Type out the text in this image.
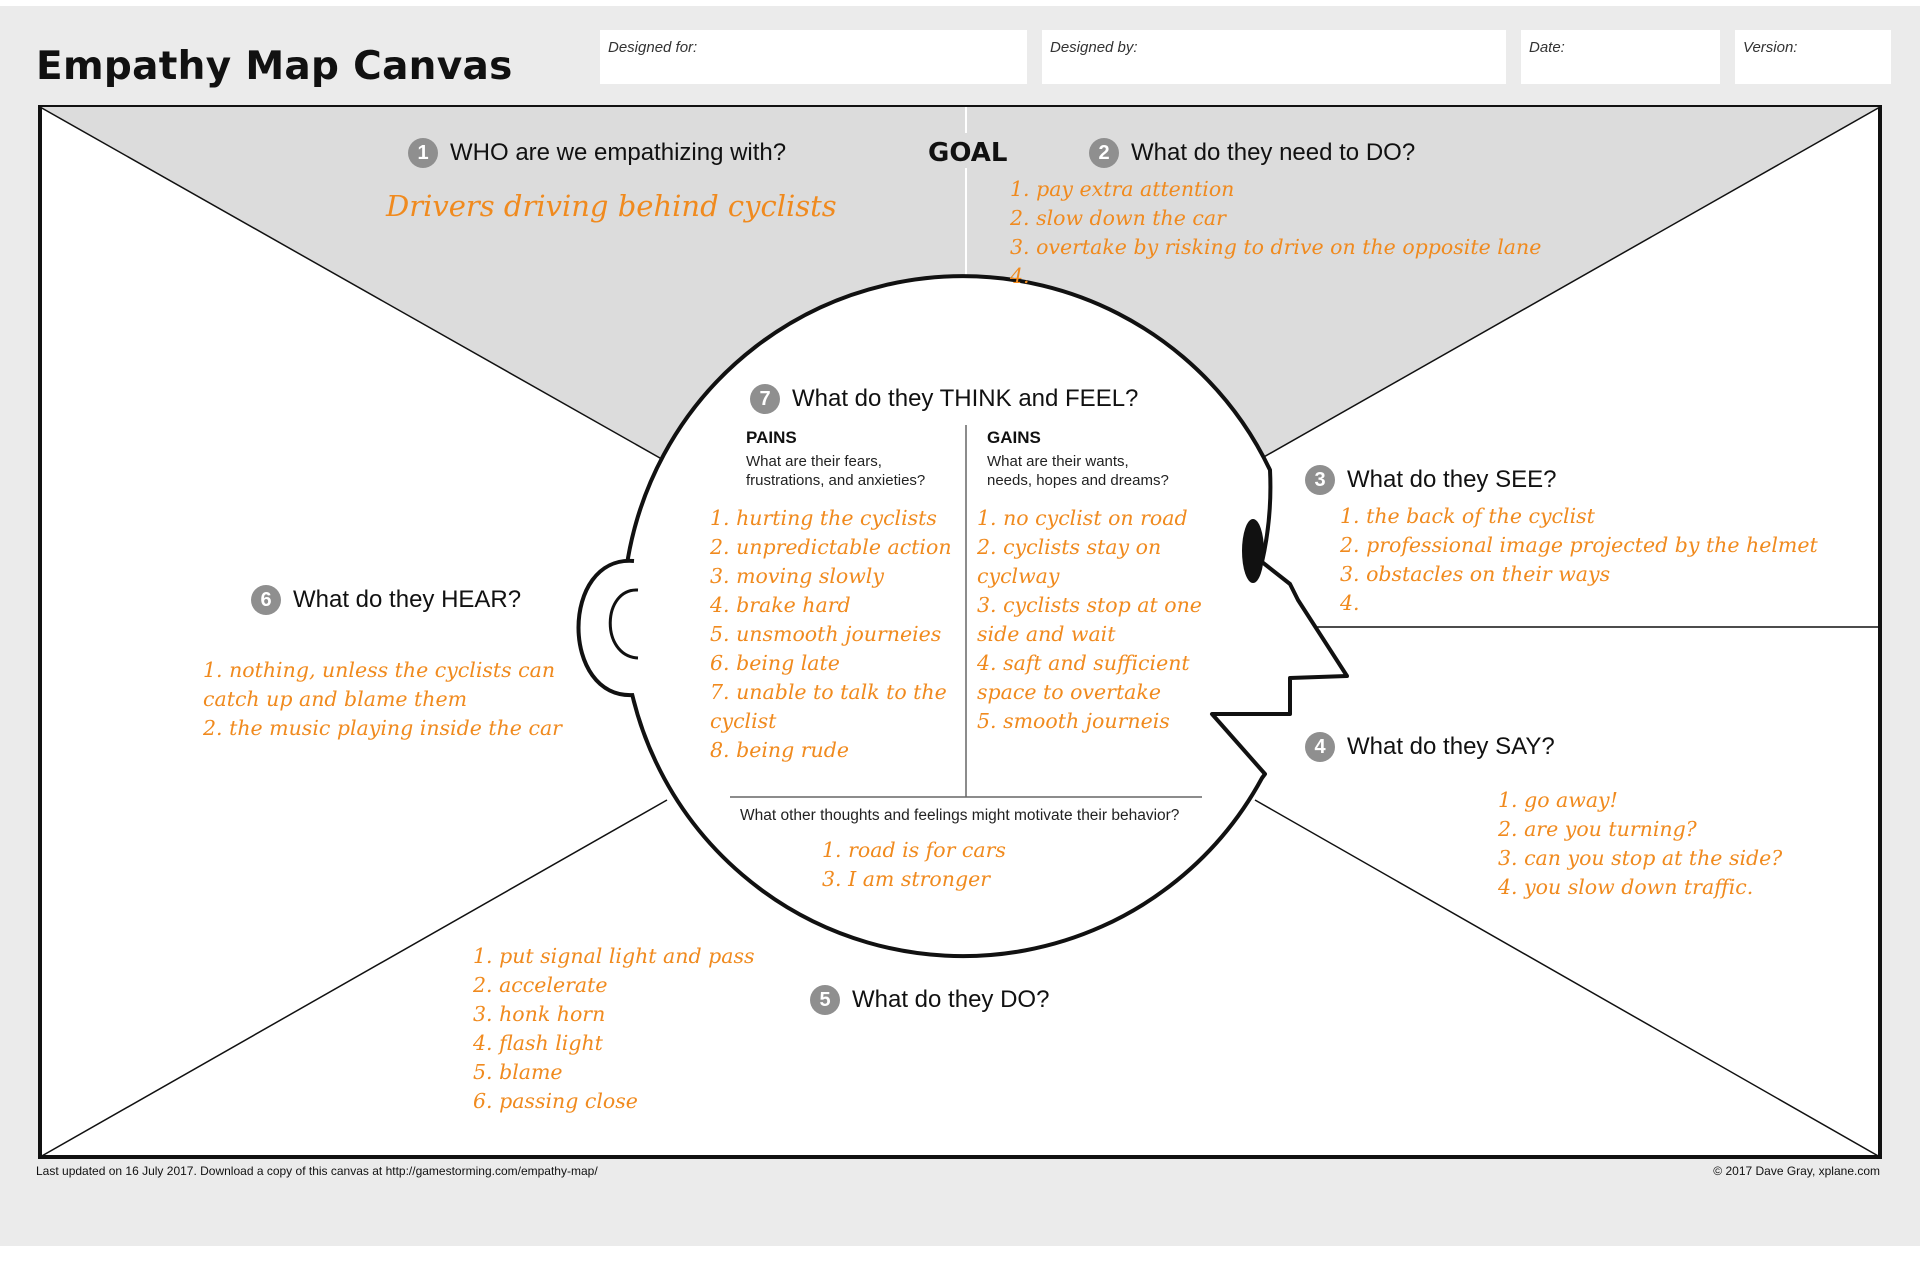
Empathy Map Canvas	Designed for:	Designed by:	Date:	Version:
GOAL
1 WHO are we empathizing with?
Drivers driving behind cyclists
2 What do they need to DO?
1. pay extra attention
2. slow down the car
3. overtake by risking to drive on the opposite lane
4.
7 What do they THINK and FEEL?
PAINS
What are their fears,
frustrations, and anxieties?
GAINS
What are their wants,
needs, hopes and dreams?
1. hurting the cyclists
2. unpredictable action
3. moving slowly
4. brake hard
5. unsmooth journeies
6. being late
7. unable to talk to the
cyclist
8. being rude
1. no cyclist on road
2. cyclists stay on
cyclway
3. cyclists stop at one
side and wait
4. saft and sufficient
space to overtake
5. smooth journeis
What other thoughts and feelings might motivate their behavior?
1. road is for cars
3. I am stronger
3 What do they SEE?
1. the back of the cyclist
2. professional image projected by the helmet
3. obstacles on their ways
4.
4 What do they SAY?
1. go away!
2. are you turning?
3. can you stop at the side?
4. you slow down traffic.
5 What do they DO?
1. put signal light and pass
2. accelerate
3. honk horn
4. flash light
5. blame
6. passing close
6 What do they HEAR?
1. nothing, unless the cyclists can
catch up and blame them
2. the music playing inside the car
Last updated on 16 July 2017. Download a copy of this canvas at http://gamestorming.com/empathy-map/	© 2017 Dave Gray, xplane.com
